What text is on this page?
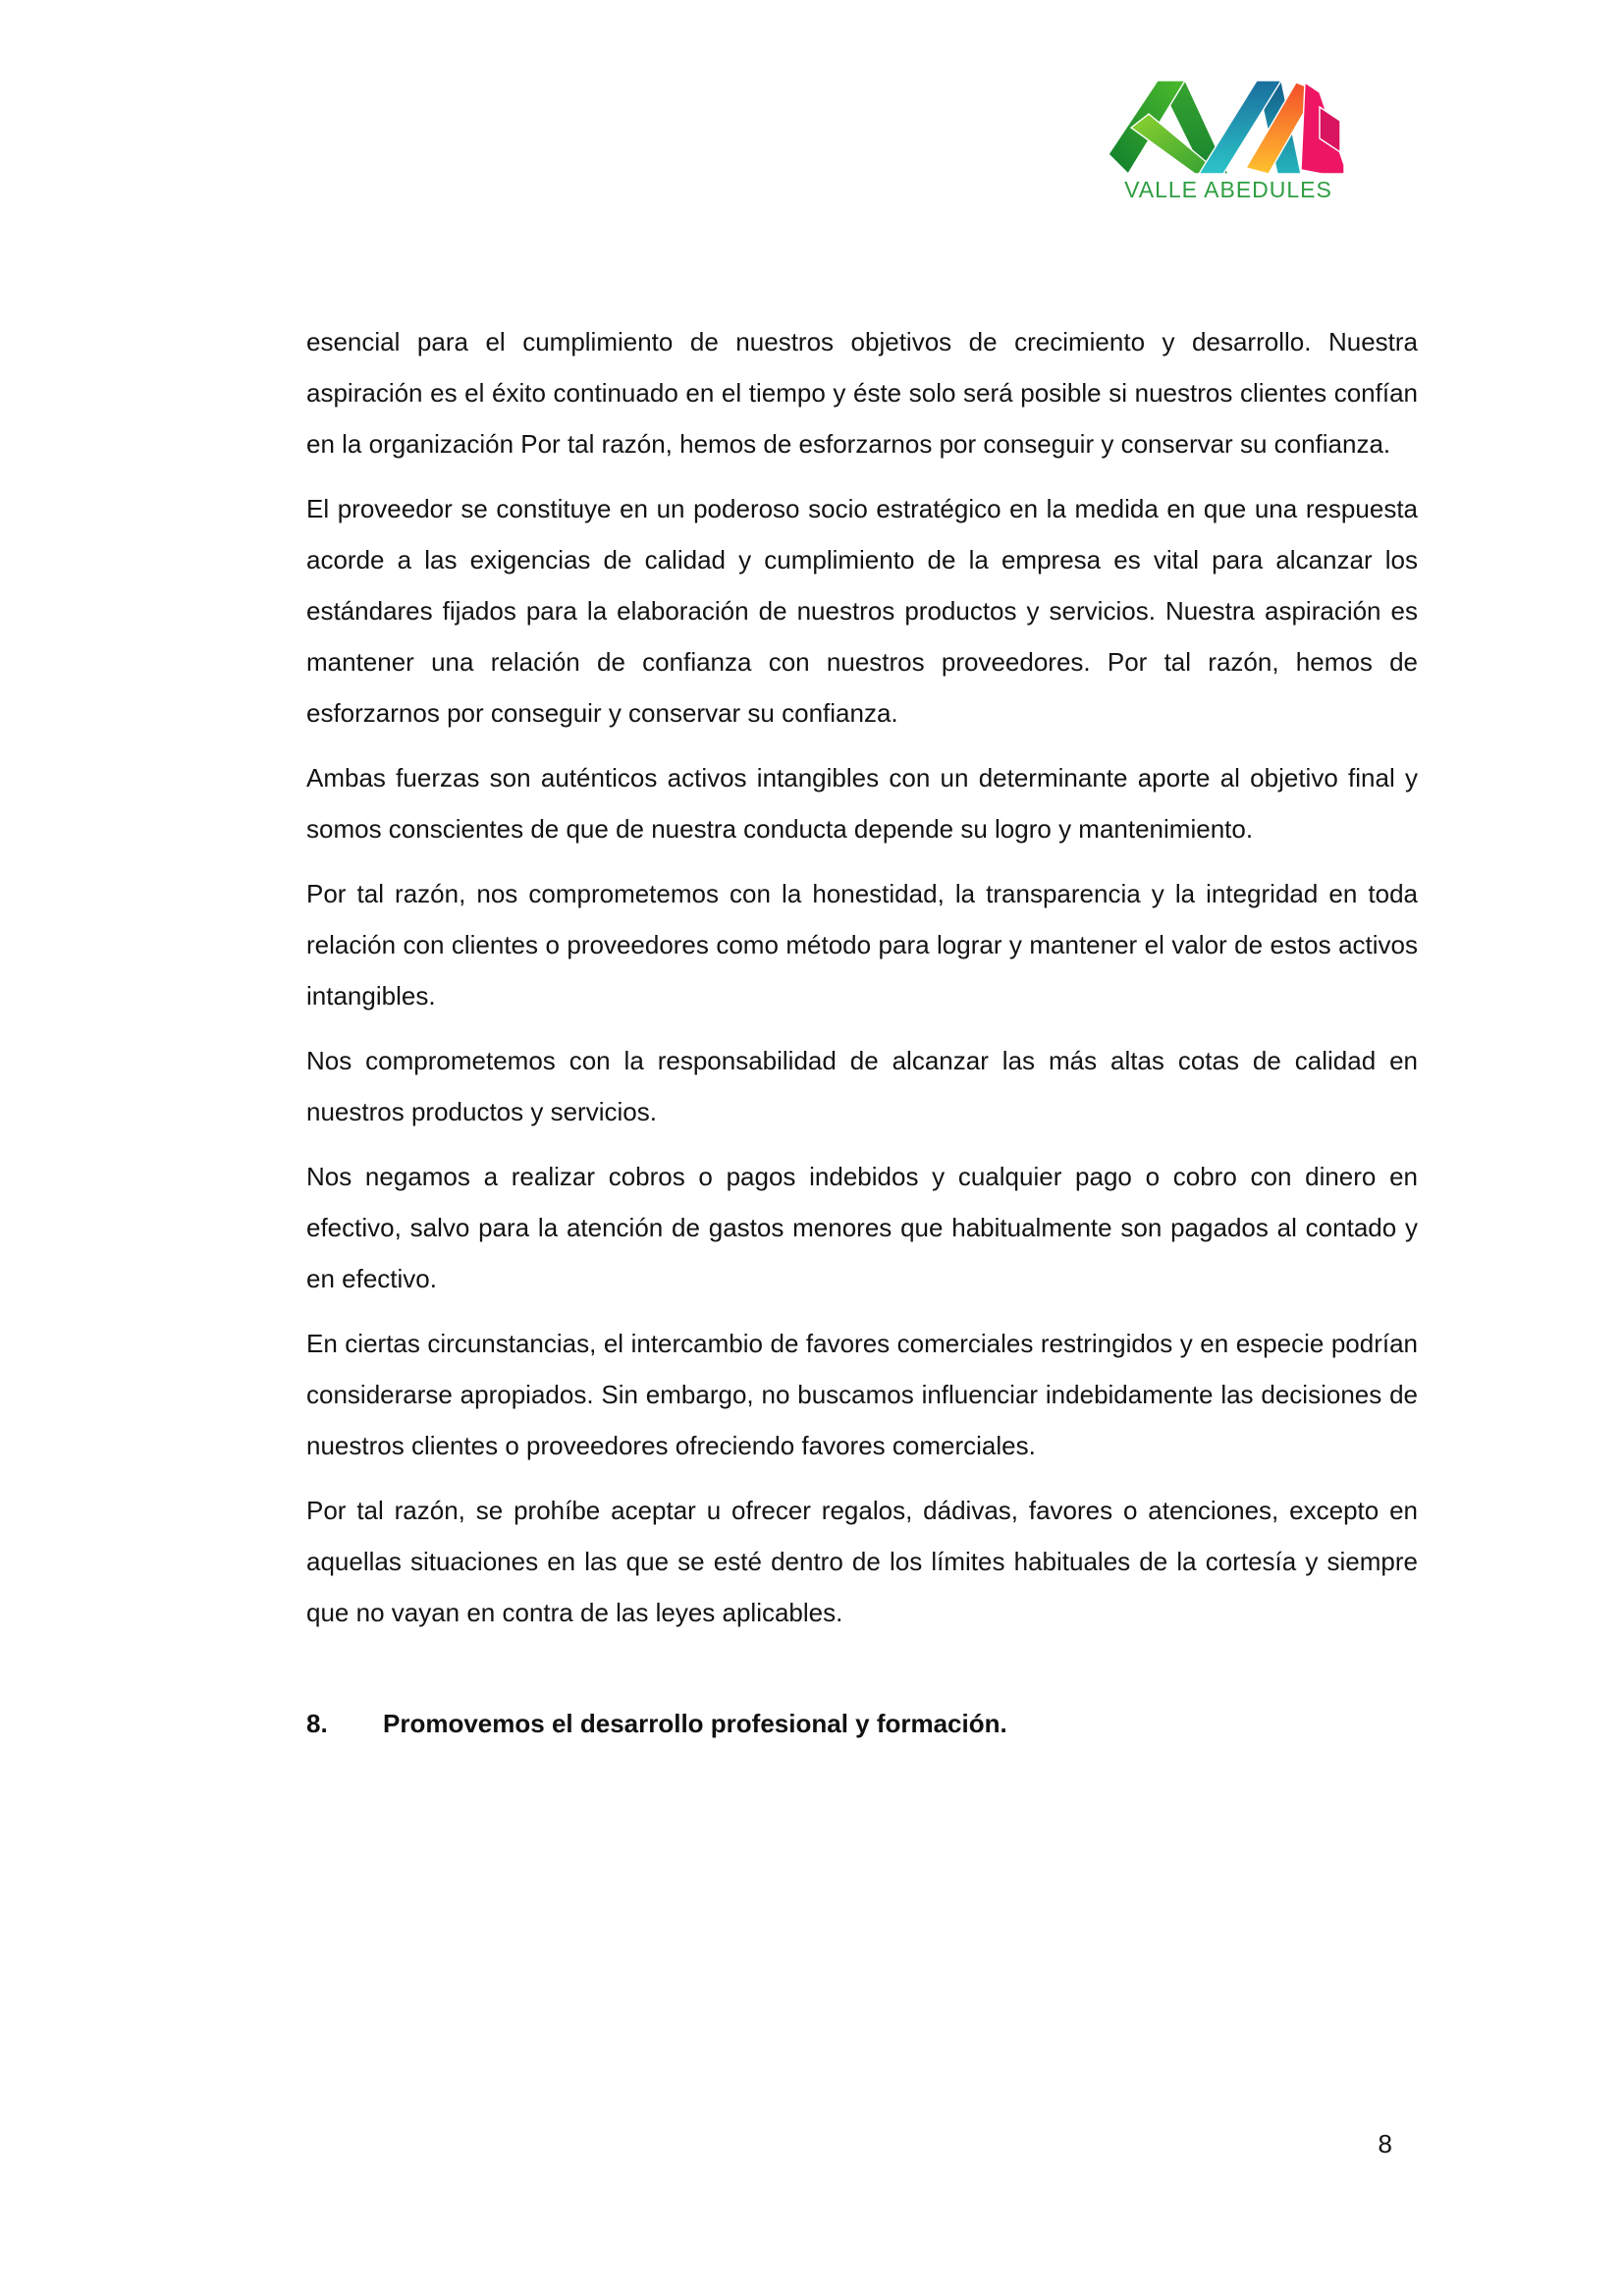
VALLE ABEDULES

esencial para el cumplimiento de nuestros objetivos de crecimiento y desarrollo. Nuestra aspiración es el éxito continuado en el tiempo y éste solo será posible si nuestros clientes confían en la organización Por tal razón, hemos de esforzarnos por conseguir y conservar su confianza.

El proveedor se constituye en un poderoso socio estratégico en la medida en que una respuesta acorde a las exigencias de calidad y cumplimiento de la empresa es vital para alcanzar los estándares fijados para la elaboración de nuestros productos y servicios. Nuestra aspiración es mantener una relación de confianza con nuestros proveedores. Por tal razón, hemos de esforzarnos por conseguir y conservar su confianza.

Ambas fuerzas son auténticos activos intangibles con un determinante aporte al objetivo final y somos conscientes de que de nuestra conducta depende su logro y mantenimiento.

Por tal razón, nos comprometemos con la honestidad, la transparencia y la integridad en toda relación con clientes o proveedores como método para lograr y mantener el valor de estos activos intangibles.

Nos comprometemos con la responsabilidad de alcanzar las más altas cotas de calidad en nuestros productos y servicios.

Nos negamos a realizar cobros o pagos indebidos y cualquier pago o cobro con dinero en efectivo, salvo para la atención de gastos menores que habitualmente son pagados al contado y en efectivo.

En ciertas circunstancias, el intercambio de favores comerciales restringidos y en especie podrían considerarse apropiados. Sin embargo, no buscamos influenciar indebidamente las decisiones de nuestros clientes o proveedores ofreciendo favores comerciales.

Por tal razón, se prohíbe aceptar u ofrecer regalos, dádivas, favores o atenciones, excepto en aquellas situaciones en las que se esté dentro de los límites habituales de la cortesía y siempre que no vayan en contra de las leyes aplicables.

8. Promovemos el desarrollo profesional y formación.

8
